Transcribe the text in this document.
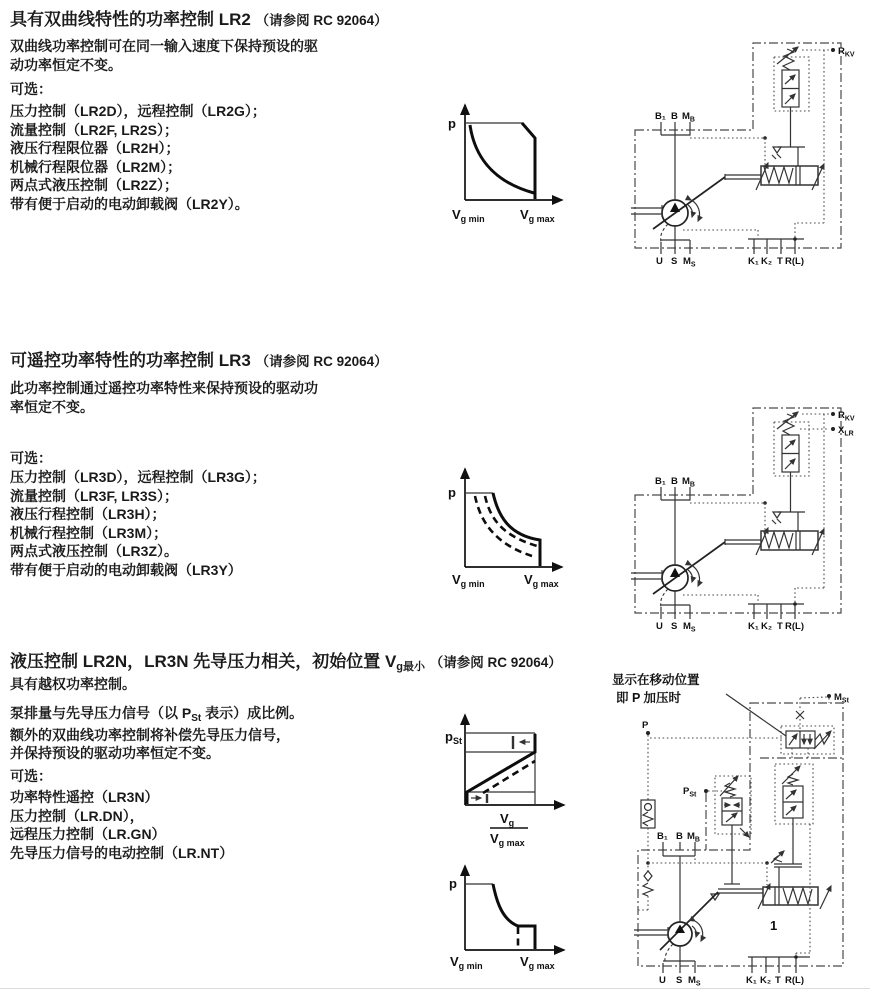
具有双曲线特性的功率控制 LR2 （请参阅 RC 92064）
双曲线功率控制可在同一输入速度下保持预设的驱
动功率恒定不变。
可选：
压力控制（LR2D），远程控制（LR2G）；
流量控制（LR2F, LR2S）；
液压行程限位器（LR2H）；
机械行程限位器（LR2M）；
两点式液压控制（LR2Z）；
带有便于启动的电动卸载阀（LR2Y）。
p
$V_{g min}$	$V_{g max}$
$R_{KV}$
B₁ B $M_B$
U S $M_S$	K₁ K₂ T R(L)
可遥控功率特性的功率控制 LR3 （请参阅 RC 92064）
此功率控制通过遥控功率特性来保持预设的驱动功
率恒定不变。
可选：
压力控制（LR3D），远程控制（LR3G）；
流量控制（LR3F, LR3S）；
液压行程控制（LR3H）；
机械行程控制（LR3M）；
两点式液压控制（LR3Z）。
带有便于启动的电动卸载阀（LR3Y）
p
$V_{g min}$	$V_{g max}$
$R_{KV}$
$X_{LR}$
B₁ B $M_B$
U S $M_S$	K₁ K₂ T R(L)
液压控制 LR2N，LR3N 先导压力相关，初始位置 Vg最小 （请参阅 RC 92064）
具有越权功率控制。
泵排量与先导压力信号（以 $P_{St}$ 表示）成比例。
额外的双曲线功率控制将补偿先导压力信号，
并保持预设的驱动功率恒定不变。
可选：
功率特性遥控（LR3N）
压力控制（LR.DN），
远程压力控制（LR.GN）
先导压力信号的电动控制（LR.NT）
$p_{St}$
$V_g$
$V_{g max}$
p
$V_{g min}$	$V_{g max}$
显示在移动位置
即 P 加压时	$M_{St}$
P
$P_{St}$
B₁ B $M_B$
U S $M_S$	K₁ K₂ T R(L)
1
